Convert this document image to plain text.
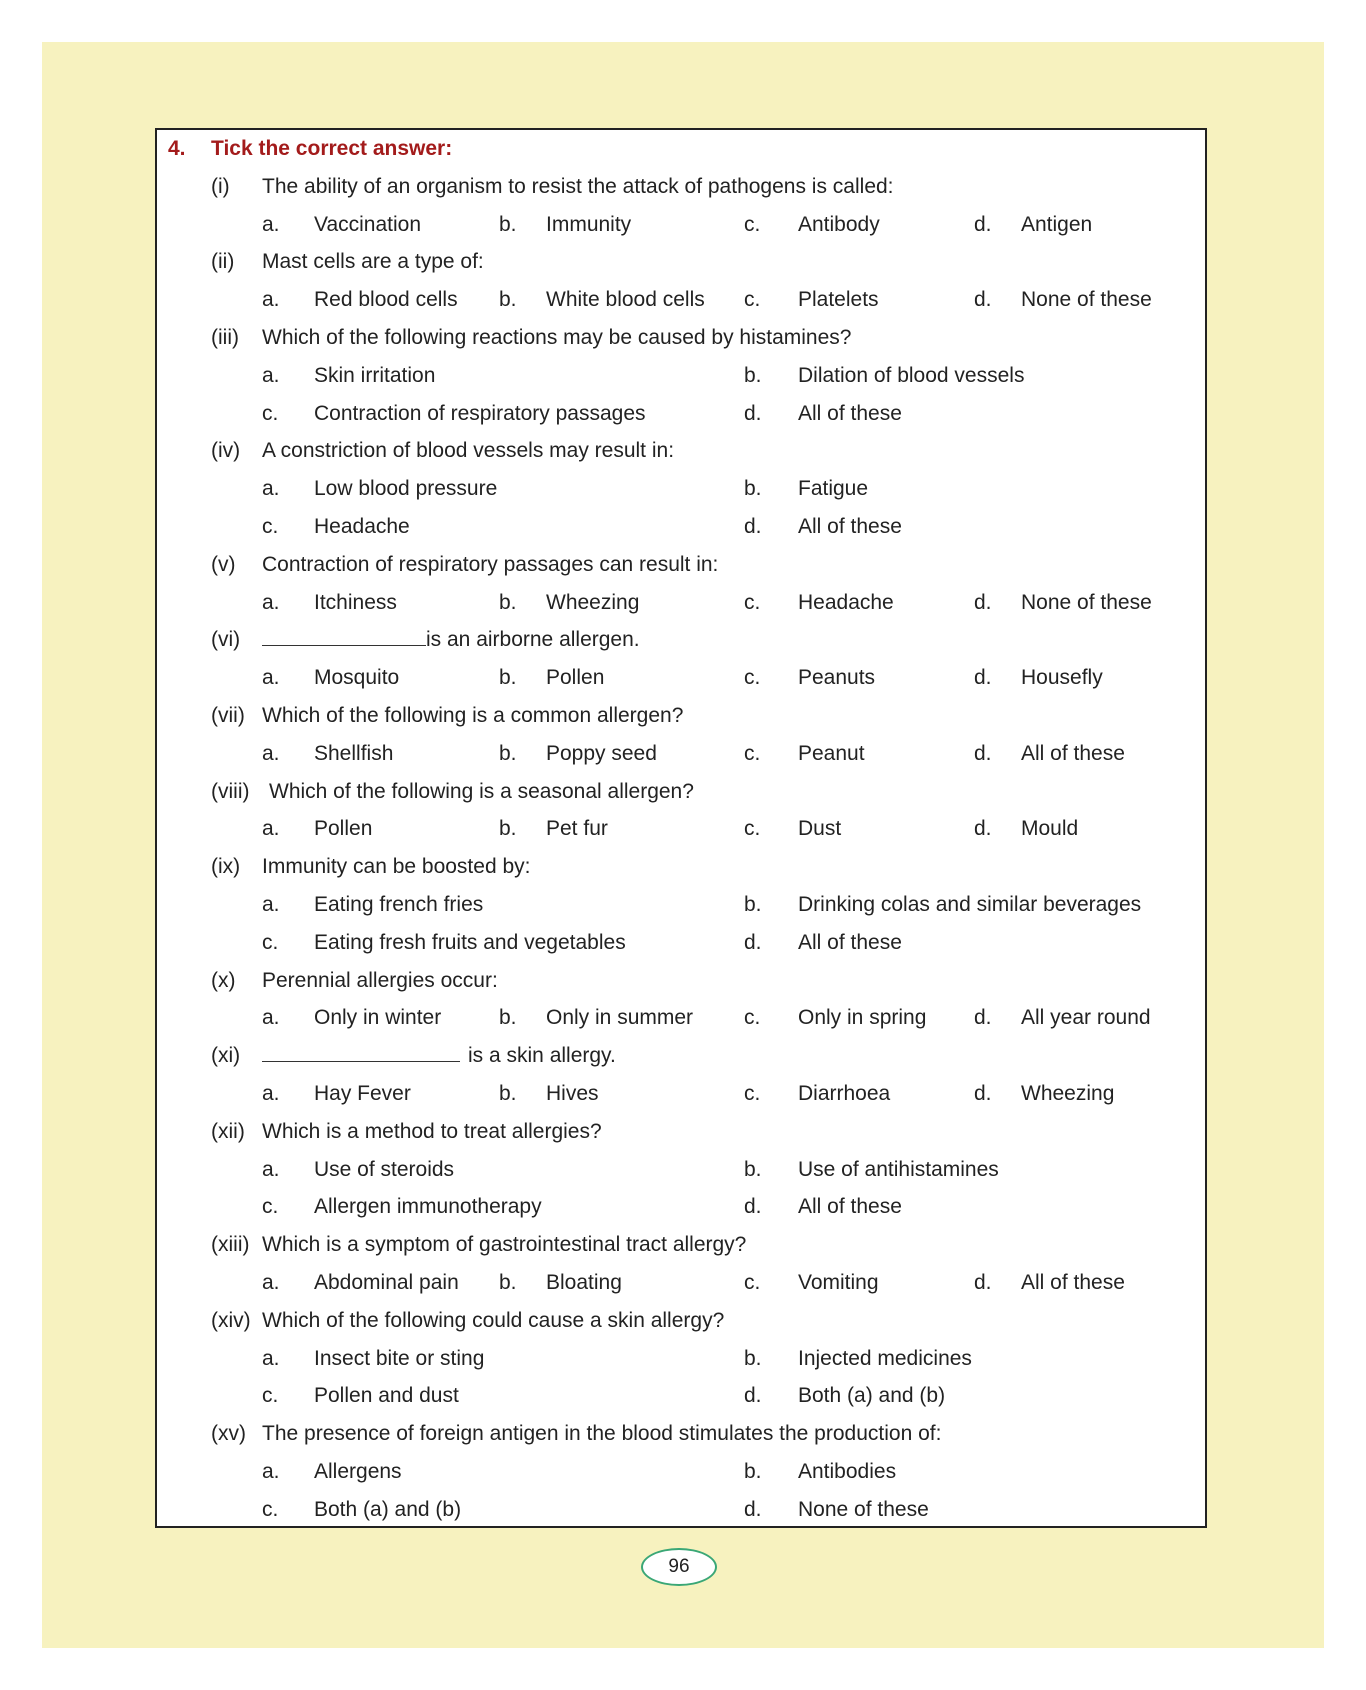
4. Tick the correct answer:
(i) The ability of an organism to resist the attack of pathogens is called:
a. Vaccination	b. Immunity	c. Antibody	d. Antigen
(ii) Mast cells are a type of:
a. Red blood cells b. White blood cells c. Platelets	d. None of these
(iii) Which of the following reactions may be caused by histamines?
a. Skin irritation	b. Dilation of blood vessels
c. Contraction of respiratory passages	d. All of these
(iv) A constriction of blood vessels may result in:
a. Low blood pressure	b. Fatigue
c. Headache	d. All of these
(v) Contraction of respiratory passages can result in:
a. Itchiness	b. Wheezing	c. Headache	d. None of these
(vi)	is an airborne allergen.
a. Mosquito	b. Pollen	c. Peanuts	d. Housefly
(vii) Which of the following is a common allergen?
a. Shellfish	b. Poppy seed	c. Peanut	d. All of these
(viii) Which of the following is a seasonal allergen?
a. Pollen	b. Pet fur	c. Dust	d. Mould
(ix) Immunity can be boosted by:
a. Eating french fries	b. Drinking colas and similar beverages
c. Eating fresh fruits and vegetables	d. All of these
(x) Perennial allergies occur:
a. Only in winter	b. Only in summer c. Only in spring d. All year round
(xi)	is a skin allergy.
a. Hay Fever	b. Hives	c. Diarrhoea	d. Wheezing
(xii) Which is a method to treat allergies?
a. Use of steroids	b. Use of antihistamines
c. Allergen immunotherapy	d. All of these
(xiii) Which is a symptom of gastrointestinal tract allergy?
a. Abdominal pain b. Bloating	c. Vomiting	d. All of these
(xiv) Which of the following could cause a skin allergy?
a. Insect bite or sting	b. Injected medicines
c. Pollen and dust	d. Both (a) and (b)
(xv) The presence of foreign antigen in the blood stimulates the production of:
a. Allergens	b. Antibodies
c. Both (a) and (b)	d. None of these
96
